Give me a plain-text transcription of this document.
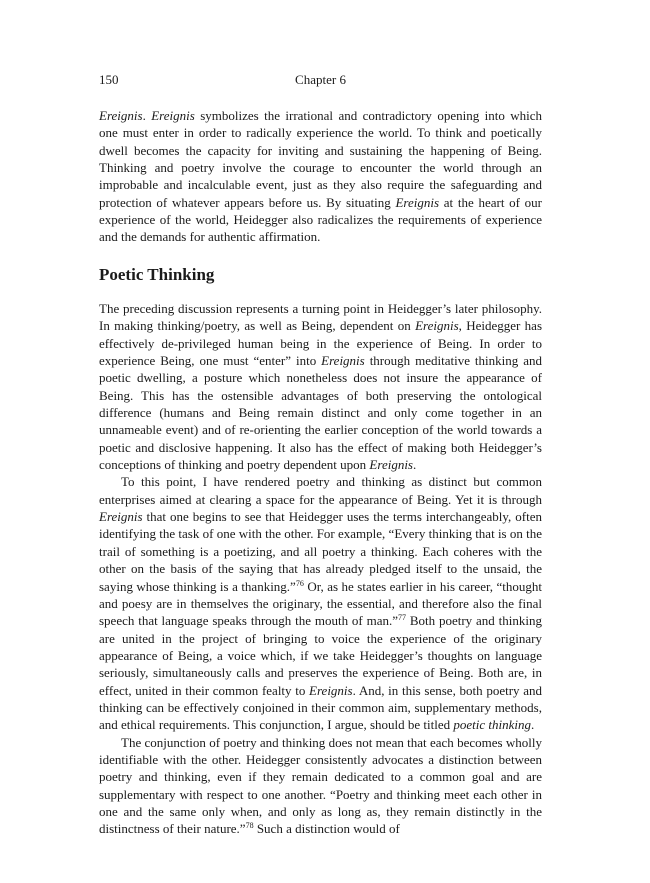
150	Chapter 6

Ereignis. Ereignis symbolizes the irrational and contradictory opening into which one must enter in order to radically experience the world. To think and poetically dwell becomes the capacity for inviting and sustaining the happening of Being. Thinking and poetry involve the courage to encounter the world through an improbable and incalculable event, just as they also require the safeguarding and protection of whatever appears before us. By situating Ereignis at the heart of our experience of the world, Heidegger also radicalizes the requirements of experience and the demands for authentic affirmation.

Poetic Thinking

The preceding discussion represents a turning point in Heidegger’s later philosophy. In making thinking/poetry, as well as Being, dependent on Ereignis, Heidegger has effectively de-privileged human being in the experience of Being. In order to experience Being, one must “enter” into Ereignis through meditative thinking and poetic dwelling, a posture which nonetheless does not insure the appearance of Being. This has the ostensible advantages of both preserving the ontological difference (humans and Being remain distinct and only come together in an unnameable event) and of re-orienting the earlier conception of the world towards a poetic and disclosive happening. It also has the effect of making both Heidegger’s conceptions of thinking and poetry dependent upon Ereignis.

To this point, I have rendered poetry and thinking as distinct but common enterprises aimed at clearing a space for the appearance of Being. Yet it is through Ereignis that one begins to see that Heidegger uses the terms interchangeably, often identifying the task of one with the other. For example, “Every thinking that is on the trail of something is a poetizing, and all poetry a thinking. Each coheres with the other on the basis of the saying that has already pledged itself to the unsaid, the saying whose thinking is a thanking.”$^{76}$ Or, as he states earlier in his career, “thought and poesy are in themselves the originary, the essential, and therefore also the final speech that language speaks through the mouth of man.”$^{77}$ Both poetry and thinking are united in the project of bringing to voice the experience of the originary appearance of Being, a voice which, if we take Heidegger’s thoughts on language seriously, simultaneously calls and preserves the experience of Being. Both are, in effect, united in their common fealty to Ereignis. And, in this sense, both poetry and thinking can be effectively conjoined in their common aim, supplementary methods, and ethical requirements. This conjunction, I argue, should be titled poetic thinking.

The conjunction of poetry and thinking does not mean that each becomes wholly identifiable with the other. Heidegger consistently advocates a distinction between poetry and thinking, even if they remain dedicated to a common goal and are supplementary with respect to one another. “Poetry and thinking meet each other in one and the same only when, and only as long as, they remain distinctly in the distinctness of their nature.”$^{78}$ Such a distinction would of
